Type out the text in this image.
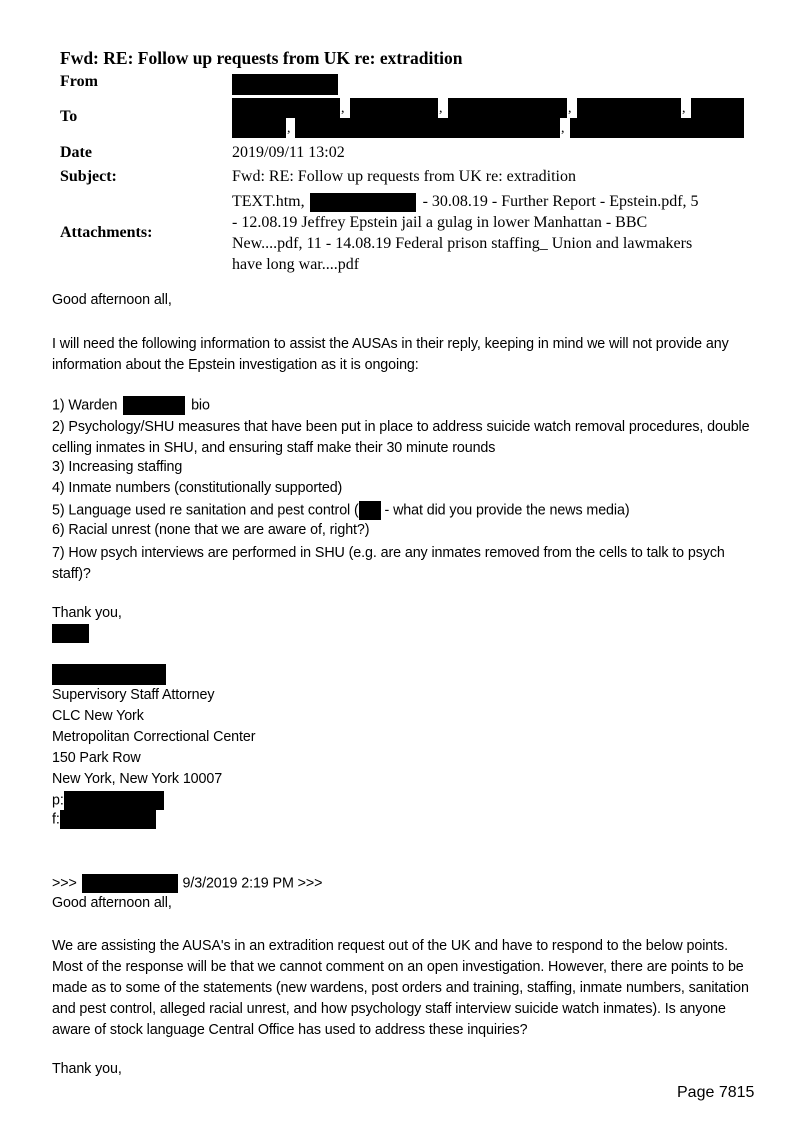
Fwd: RE: Follow up requests from UK re: extradition
From
To	,	,	,	,
,	,
Date	2019/09/11 13:02
Subject:	Fwd: RE: Follow up requests from UK re: extradition
Attachments:
TEXT.htm,	- 30.08.19 - Further Report - Epstein.pdf, 5
- 12.08.19 Jeffrey Epstein jail a gulag in lower Manhattan - BBC
New....pdf, 11 - 14.08.19 Federal prison staffing_ Union and lawmakers
have long war....pdf
Good afternoon all,
I will need the following information to assist the AUSAs in their reply, keeping in mind we will not provide any information about the Epstein investigation as it is ongoing:
1) Warden	bio
2) Psychology/SHU measures that have been put in place to address suicide watch removal procedures, double celling inmates in SHU, and ensuring staff make their 30 minute rounds
3) Increasing staffing
4) Inmate numbers (constitutionally supported)
5) Language used re sanitation and pest control ( - what did you provide the news media)
6) Racial unrest (none that we are aware of, right?)
7) How psych interviews are performed in SHU (e.g. are any inmates removed from the cells to talk to psych staff)?
Thank you,
Supervisory Staff Attorney
CLC New York
Metropolitan Correctional Center
150 Park Row
New York, New York 10007
p:
f:
>>>	9/3/2019 2:19 PM >>>
Good afternoon all,
We are assisting the AUSA's in an extradition request out of the UK and have to respond to the below points. Most of the response will be that we cannot comment on an open investigation. However, there are points to be made as to some of the statements (new wardens, post orders and training, staffing, inmate numbers, sanitation and pest control, alleged racial unrest, and how psychology staff interview suicide watch inmates). Is anyone aware of stock language Central Office has used to address these inquiries?
Thank you,
Page 7815
